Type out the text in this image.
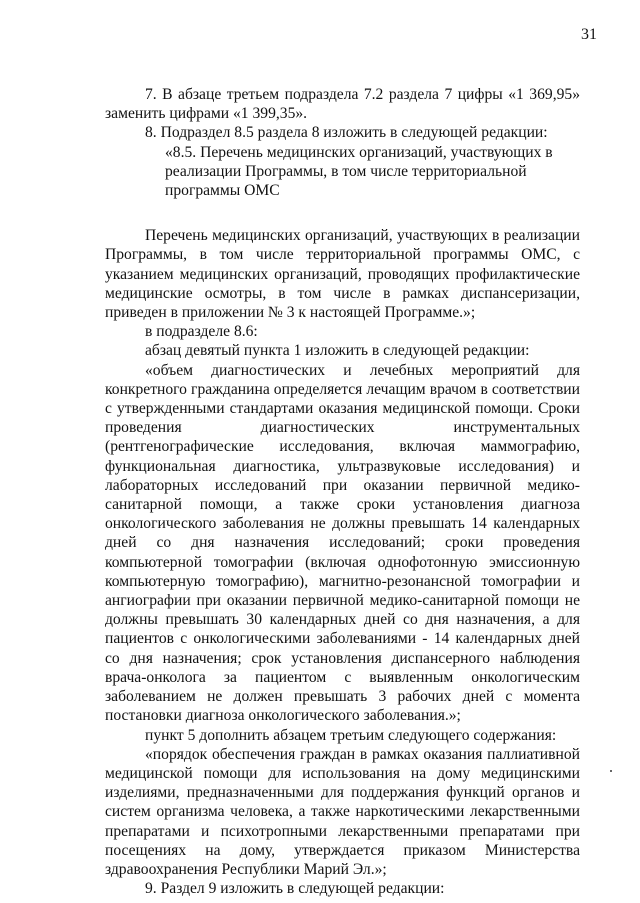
31

7. В абзаце третьем подраздела 7.2 раздела 7 цифры «1 369,95» заменить цифрами «1 399,35».

8. Подраздел 8.5 раздела 8 изложить в следующей редакции:

«8.5. Перечень медицинских организаций, участвующих в реализации Программы, в том числе территориальной программы ОМС

Перечень медицинских организаций, участвующих в реализации Программы, в том числе территориальной программы ОМС, с указанием медицинских организаций, проводящих профилактические медицинские осмотры, в том числе в рамках диспансеризации, приведен в приложении № 3 к настоящей Программе.»;

в подразделе 8.6:

абзац девятый пункта 1 изложить в следующей редакции:

«объем диагностических и лечебных мероприятий для конкретного гражданина определяется лечащим врачом в соответствии с утвержденными стандартами оказания медицинской помощи. Сроки проведения диагностических инструментальных (рентгенографические исследования, включая маммографию, функциональная диагностика, ультразвуковые исследования) и лабораторных исследований при оказании первичной медико-санитарной помощи, а также сроки установления диагноза онкологического заболевания не должны превышать 14 календарных дней со дня назначения исследований; сроки проведения компьютерной томографии (включая однофотонную эмиссионную компьютерную томографию), магнитно-резонансной томографии и ангиографии при оказании первичной медико-санитарной помощи не должны превышать 30 календарных дней со дня назначения, а для пациентов с онкологическими заболеваниями - 14 календарных дней со дня назначения; срок установления диспансерного наблюдения врача-онколога за пациентом с выявленным онкологическим заболеванием не должен превышать 3 рабочих дней с момента постановки диагноза онкологического заболевания.»;

пункт 5 дополнить абзацем третьим следующего содержания:

«порядок обеспечения граждан в рамках оказания паллиативной медицинской помощи для использования на дому медицинскими изделиями, предназначенными для поддержания функций органов и систем организма человека, а также наркотическими лекарственными препаратами и психотропными лекарственными препаратами при посещениях на дому, утверждается приказом Министерства здравоохранения Республики Марий Эл.»;

9. Раздел 9 изложить в следующей редакции:
